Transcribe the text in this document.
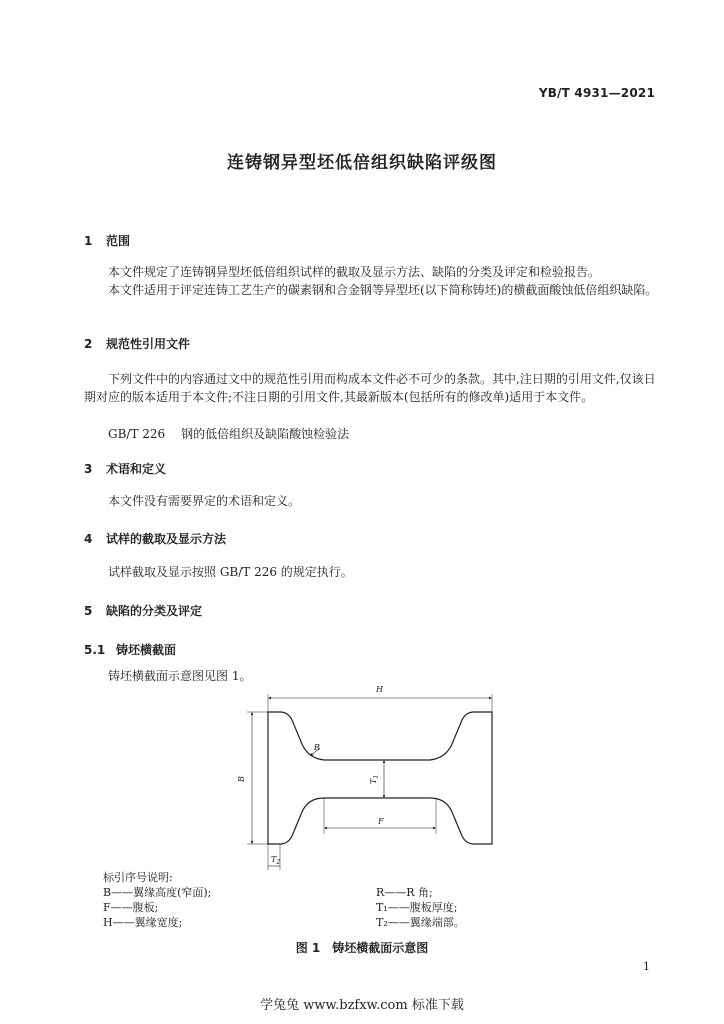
YB/T 4931—2021
连铸钢异型坯低倍组织缺陷评级图
1 范围
本文件规定了连铸钢异型坯低倍组织试样的截取及显示方法、缺陷的分类及评定和检验报告。
本文件适用于评定连铸工艺生产的碳素钢和合金钢等异型坯(以下简称铸坯)的横截面酸蚀低倍组织缺陷。
2 规范性引用文件
下列文件中的内容通过文中的规范性引用而构成本文件必不可少的条款。其中,注日期的引用文件,仅该日期对应的版本适用于本文件;不注日期的引用文件,其最新版本(包括所有的修改单)适用于本文件。
GB/T 226 钢的低倍组织及缺陷酸蚀检验法
3 术语和定义
本文件没有需要界定的术语和定义。
4 试样的截取及显示方法
试样截取及显示按照 GB/T 226 的规定执行。
5 缺陷的分类及评定
5.1 铸坯横截面
铸坯横截面示意图见图 1。
H
B
R
$T_1$
F
$T_2$
标引序号说明:
B——翼缘高度(窄面);
F——腹板;
H——翼缘宽度;
R——R 角;
T₁——腹板厚度;
T₂——翼缘端部。
图 1　铸坯横截面示意图
1
学兔兔 www.bzfxw.com 标准下载
